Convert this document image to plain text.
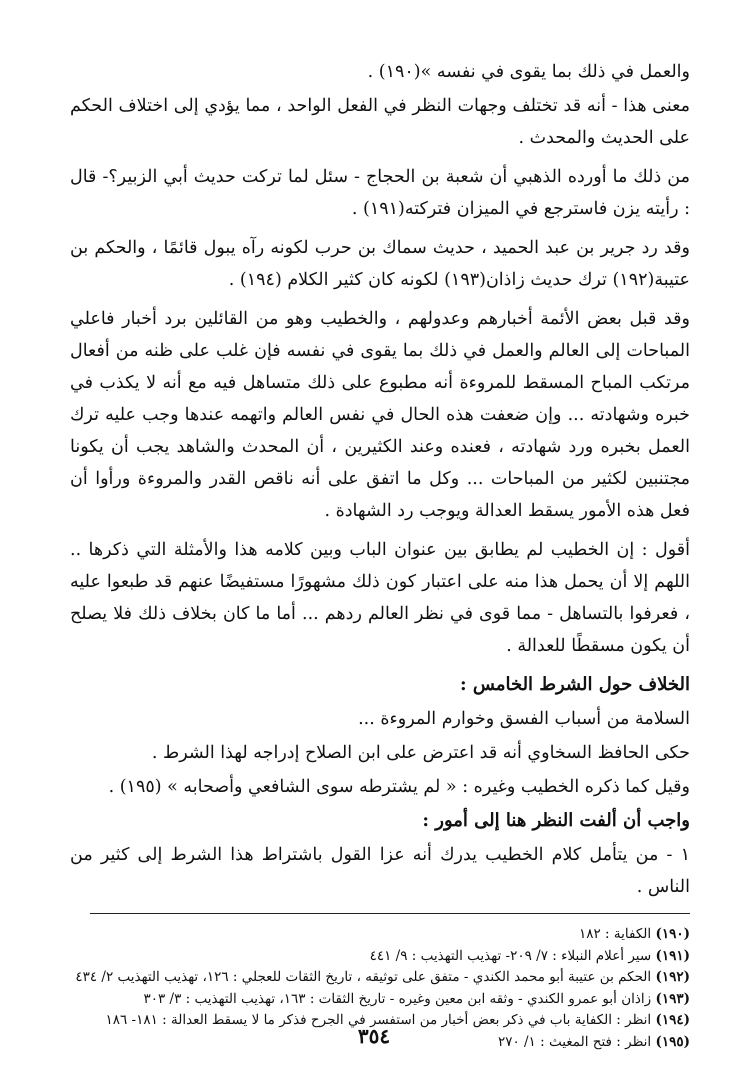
والعمل في ذلك بما يقوى في نفسه »(١٩٠) .

معنى هذا - أنه قد تختلف وجهات النظر في الفعل الواحد ، مما يؤدي إلى اختلاف الحكم على الحديث والمحدث .

من ذلك ما أورده الذهبي أن شعبة بن الحجاج - سئل لما تركت حديث أبي الزبير؟- قال : رأيته يزن فاسترجع في الميزان فتركته(١٩١) .

وقد رد جرير بن عبد الحميد ، حديث سماك بن حرب لكونه رآه يبول قائمًا ، والحكم بن عتيبة(١٩٢) ترك حديث زاذان(١٩٣) لكونه كان كثير الكلام (١٩٤) .

وقد قبل بعض الأئمة أخبارهم وعدولهم ، والخطيب وهو من القائلين برد أخبار فاعلي المباحات إلى العالم والعمل في ذلك بما يقوى في نفسه فإن غلب على ظنه من أفعال مرتكب المباح المسقط للمروءة أنه مطبوع على ذلك متساهل فيه مع أنه لا يكذب في خبره وشهادته ... وإن ضعفت هذه الحال في نفس العالم واتهمه عندها وجب عليه ترك العمل بخبره ورد شهادته ، فعنده وعند الكثيرين ، أن المحدث والشاهد يجب أن يكونا مجتنبين لكثير من المباحات ... وكل ما اتفق على أنه ناقص القدر والمروءة ورأوا أن فعل هذه الأمور يسقط العدالة ويوجب رد الشهادة .

أقول : إن الخطيب لم يطابق بين عنوان الباب وبين كلامه هذا والأمثلة التي ذكرها .. اللهم إلا أن يحمل هذا منه على اعتبار كون ذلك مشهورًا مستفيضًا عنهم قد طبعوا عليه ، فعرفوا بالتساهل - مما قوى في نظر العالم ردهم ... أما ما كان بخلاف ذلك فلا يصلح أن يكون مسقطًا للعدالة .

الخلاف حول الشرط الخامس :

السلامة من أسباب الفسق وخوارم المروءة ...

حكى الحافظ السخاوي أنه قد اعترض على ابن الصلاح إدراجه لهذا الشرط .

وقيل كما ذكره الخطيب وغيره : « لم يشترطه سوى الشافعي وأصحابه » (١٩٥) .

واجب أن ألفت النظر هنا إلى أمور :

١ - من يتأمل كلام الخطيب يدرك أنه عزا القول باشتراط هذا الشرط إلى كثير من الناس .

(١٩٠) الكفاية : ١٨٢

(١٩١) سير أعلام النبلاء : ٧/ ٢٠٩- تهذيب التهذيب : ٩/ ٤٤١

(١٩٢) الحكم بن عتيبة أبو محمد الكندي - متفق على توثيقه ، تاريخ الثقات للعجلي : ١٢٦، تهذيب التهذيب ٢/ ٤٣٤

(١٩٣) زاذان أبو عمرو الكندي - وثقه ابن معين وغيره - تاريخ الثقات : ١٦٣، تهذيب التهذيب : ٣/ ٣٠٣

(١٩٤) انظر : الكفاية باب في ذكر بعض أخبار من استفسر في الجرح فذكر ما لا يسقط العدالة : ١٨١- ١٨٦

(١٩٥) انظر : فتح المغيث : ١/ ٢٧٠

٣٥٤
